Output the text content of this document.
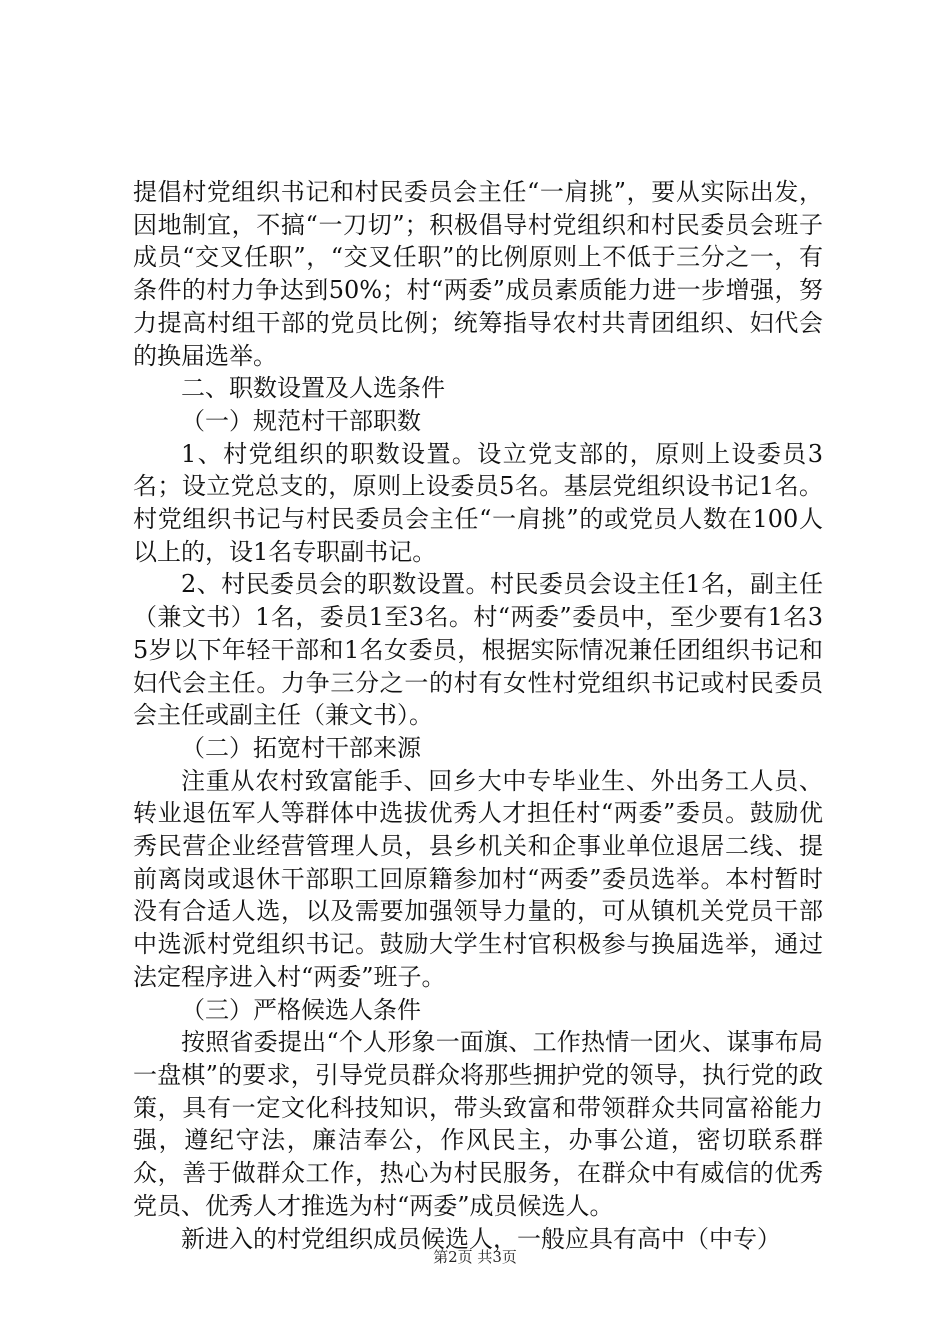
提倡村党组织书记和村民委员会主任“一肩挑”，要从实际出发，因地制宜，不搞“一刀切”；积极倡导村党组织和村民委员会班子成员“交叉任职”，“交叉任职”的比例原则上不低于三分之一，有条件的村力争达到50%；村“两委”成员素质能力进一步增强，努力提高村组干部的党员比例；统筹指导农村共青团组织、妇代会的换届选举。

二、职数设置及人选条件

（一）规范村干部职数

1、村党组织的职数设置。设立党支部的，原则上设委员3名；设立党总支的，原则上设委员5名。基层党组织设书记1名。村党组织书记与村民委员会主任“一肩挑”的或党员人数在100人以上的，设1名专职副书记。

2、村民委员会的职数设置。村民委员会设主任1名，副主任（兼文书）1名，委员1至3名。村“两委”委员中，至少要有1名35岁以下年轻干部和1名女委员，根据实际情况兼任团组织书记和妇代会主任。力争三分之一的村有女性村党组织书记或村民委员会主任或副主任（兼文书）。

（二）拓宽村干部来源

注重从农村致富能手、回乡大中专毕业生、外出务工人员、转业退伍军人等群体中选拔优秀人才担任村“两委”委员。鼓励优秀民营企业经营管理人员，县乡机关和企事业单位退居二线、提前离岗或退休干部职工回原籍参加村“两委”委员选举。本村暂时没有合适人选，以及需要加强领导力量的，可从镇机关党员干部中选派村党组织书记。鼓励大学生村官积极参与换届选举，通过法定程序进入村“两委”班子。

（三）严格候选人条件

按照省委提出“个人形象一面旗、工作热情一团火、谋事布局一盘棋”的要求，引导党员群众将那些拥护党的领导，执行党的政策，具有一定文化科技知识，带头致富和带领群众共同富裕能力强，遵纪守法，廉洁奉公，作风民主，办事公道，密切联系群众，善于做群众工作，热心为村民服务，在群众中有威信的优秀党员、优秀人才推选为村“两委”成员候选人。

新进入的村党组织成员候选人，一般应具有高中（中专）

第2页 共3页
